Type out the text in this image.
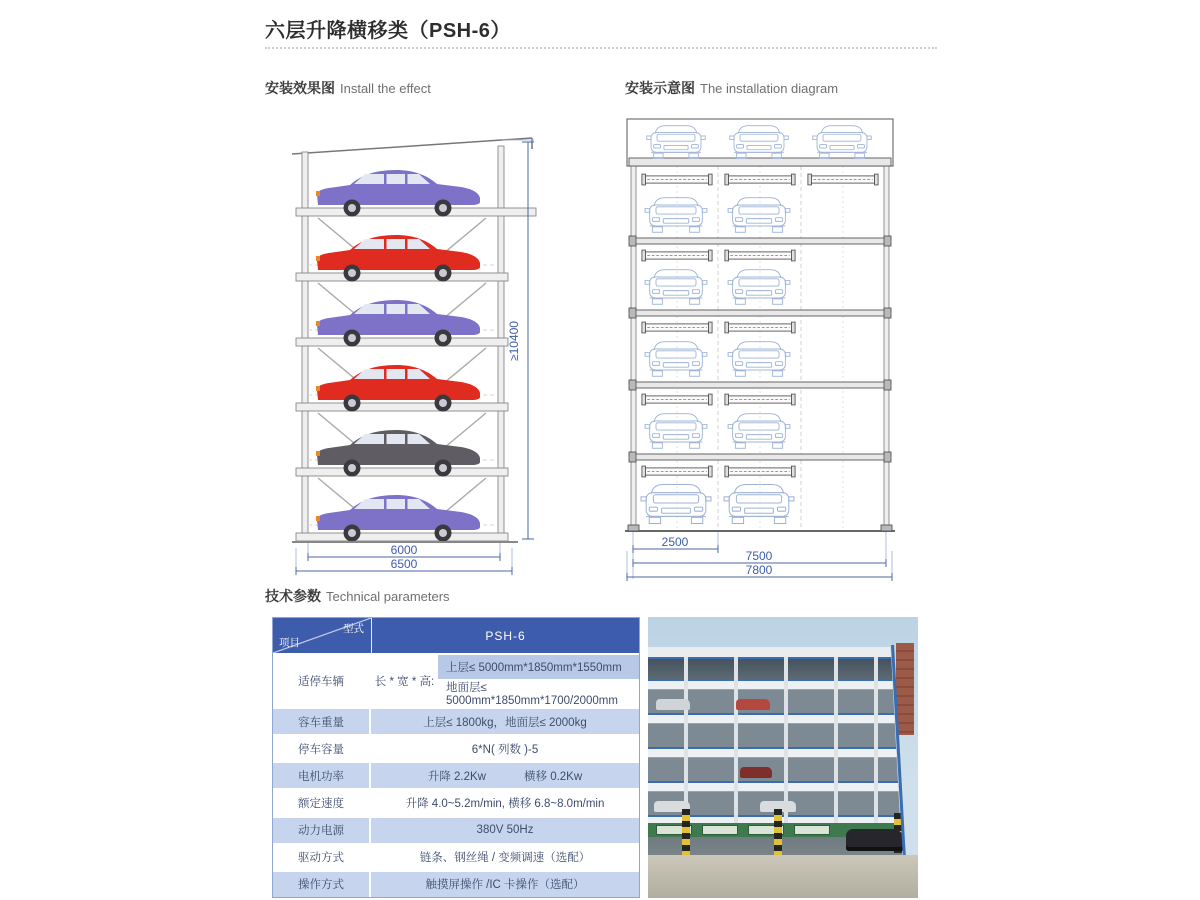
六层升降横移类（PSH-6）
安装效果图 Install the effect	安装示意图 The installation diagram
技术参数 Technical parameters
6000
6500
≥10400
2500
7500
7800
型式
项目
PSH-6
适停车辆	长 * 宽 * 高:
上层≤ 5000mm*1850mm*1550mm
地面层≤ 5000mm*1850mm*1700/2000mm
容车重量	上层≤ 1800kg，地面层≤ 2000kg
停车容量	6*N( 列数 )-5
电机功率	升降 2.2Kw	横移 0.2Kw
额定速度	升降 4.0~5.2m/min, 横移 6.8~8.0m/min
动力电源	380V 50Hz
驱动方式	链条、钢丝绳 / 变频调速（选配）
操作方式	触摸屏操作 /IC 卡操作（选配）
